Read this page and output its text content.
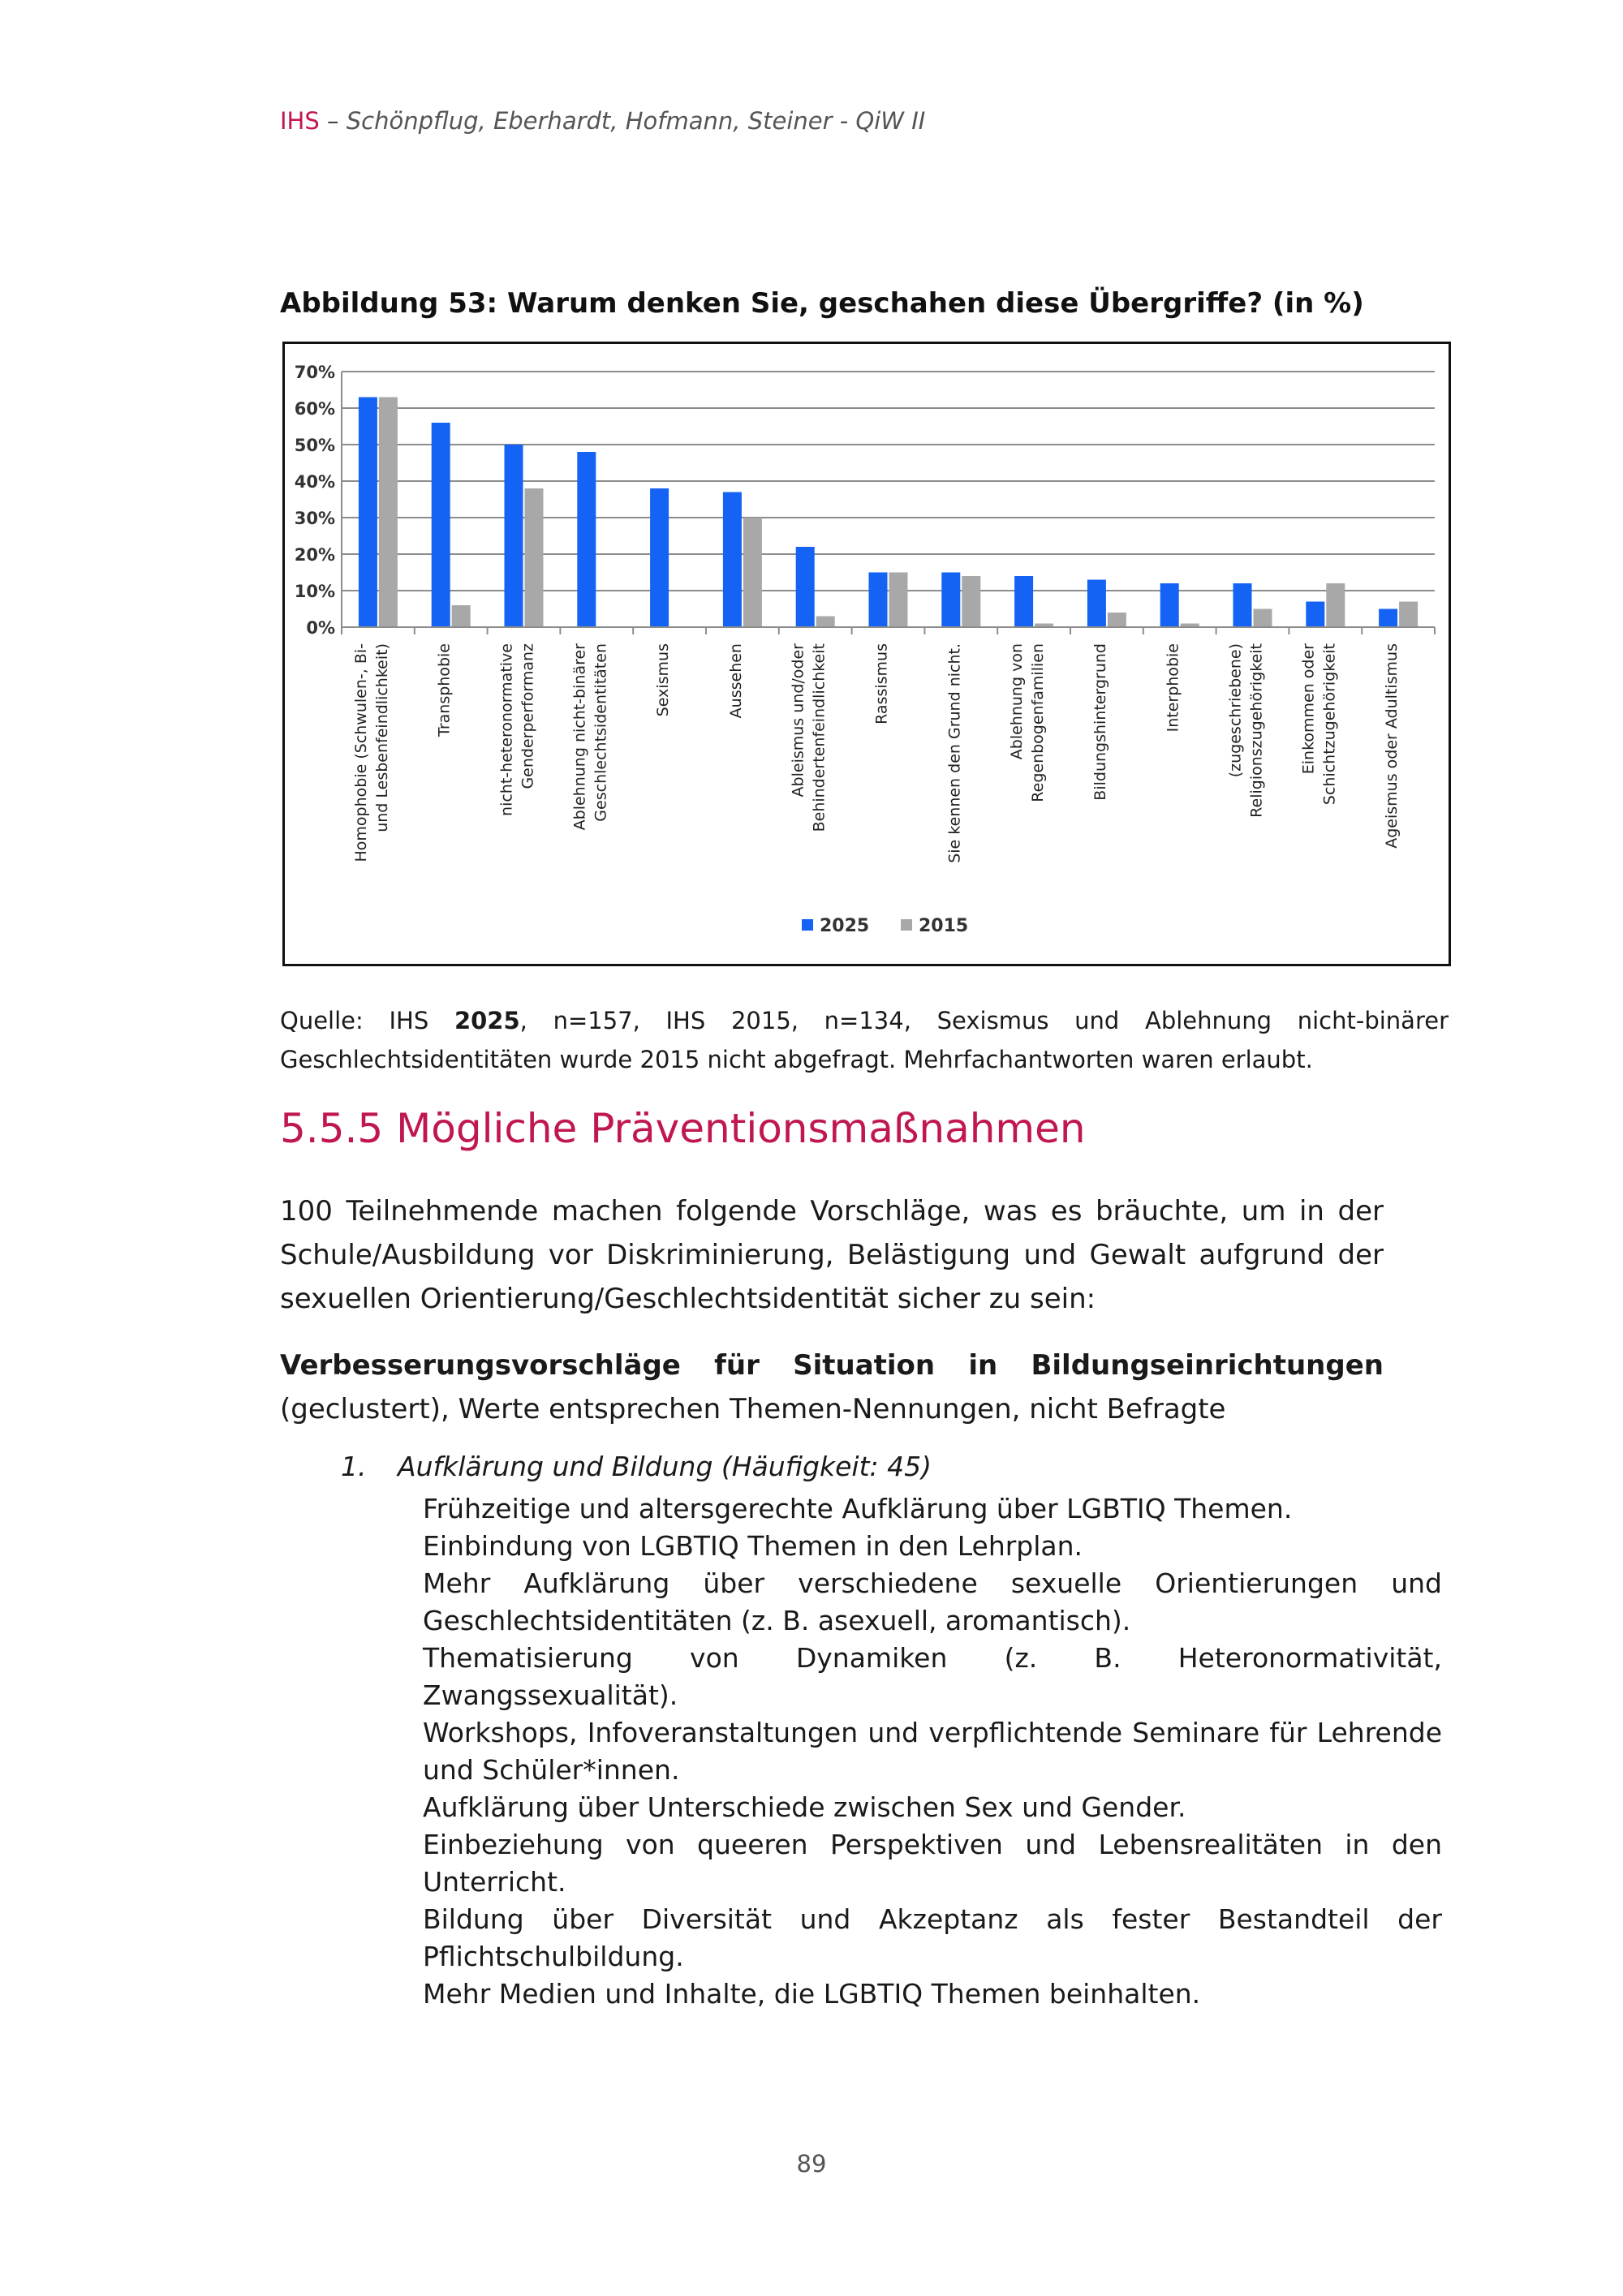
IHS – Schönpflug, Eberhardt, Hofmann, Steiner - QiW II
Abbildung 53: Warum denken Sie, geschahen diese Übergriffe? (in %)
0%
10%
20%
30%
40%
50%
60%
70%
Homophobie (Schwulen-, Bi- und Lesbenfeindlichkeit)	Transphobie	nicht-heteronormative Genderperformanz Ablehnung nicht-binärer Geschlechtsidentitäten	Sexismus	Aussehen	Ableismus und/oder Behindertenfeindlichkeit	Rassismus	Sie kennen den Grund nicht.	Ablehnung von Regenbogenfamilien	Bildungshintergrund	Interphobie	(zugeschriebene) Religionszugehörigkeit Einkommen oder Schichtzugehörigkeit	Ageismus oder Adultismus
2025	2015
Quelle: IHS 2025, n=157, IHS 2015, n=134, Sexismus und Ablehnung nicht-binärer Geschlechtsidentitäten wurde 2015 nicht abgefragt. Mehrfachantworten waren erlaubt.
5.5.5 Mögliche Präventionsmaßnahmen
100 Teilnehmende machen folgende Vorschläge, was es bräuchte, um in der Schule/Ausbildung vor Diskriminierung, Belästigung und Gewalt aufgrund der sexuellen Orientierung/Geschlechtsidentität sicher zu sein:
Verbesserungsvorschläge für Situation in Bildungseinrichtungen (geclustert), Werte entsprechen Themen-Nennungen, nicht Befragte
1. Aufklärung und Bildung (Häufigkeit: 45)
Frühzeitige und altersgerechte Aufklärung über LGBTIQ Themen.
Einbindung von LGBTIQ Themen in den Lehrplan.
Mehr Aufklärung über verschiedene sexuelle Orientierungen und Geschlechtsidentitäten (z. B. asexuell, aromantisch).
Thematisierung von Dynamiken (z. B. Heteronormativität, Zwangssexualität).
Workshops, Infoveranstaltungen und verpflichtende Seminare für Lehrende und Schüler*innen.
Aufklärung über Unterschiede zwischen Sex und Gender.
Einbeziehung von queeren Perspektiven und Lebensrealitäten in den Unterricht.
Bildung über Diversität und Akzeptanz als fester Bestandteil der Pflichtschulbildung.
Mehr Medien und Inhalte, die LGBTIQ Themen beinhalten.
89
